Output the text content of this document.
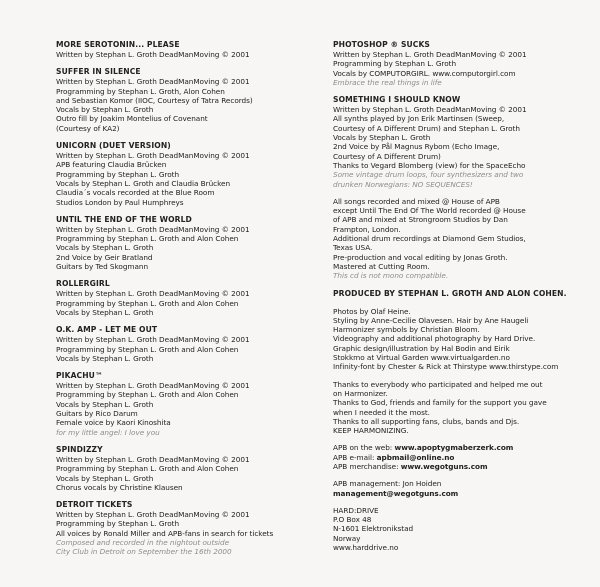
MORE SEROTONIN... PLEASE
Written by Stephan L. Groth DeadManMoving © 2001
SUFFER IN SILENCE
Written by Stephan L. Groth DeadManMoving © 2001
Programming by Stephan L. Groth, Alon Cohen
and Sebastian Komor (IIOC, Courtesy of Tatra Records)
Vocals by Stephan L. Groth
Outro fill by Joakim Montelius of Covenant
(Courtesy of KA2)
UNICORN (DUET VERSION)
Written by Stephan L. Groth DeadManMoving © 2001
APB featuring Claudia Brücken
Programming by Stephan L. Groth
Vocals by Stephan L. Groth and Claudia Brücken
Claudia´s vocals recorded at the Blue Room
Studios London by Paul Humphreys
UNTIL THE END OF THE WORLD
Written by Stephan L. Groth DeadManMoving © 2001
Programming by Stephan L. Groth and Alon Cohen
Vocals by Stephan L. Groth
2nd Voice by Geir Bratland
Guitars by Ted Skogmann
ROLLERGIRL
Written by Stephan L. Groth DeadManMoving © 2001
Programming by Stephan L. Groth and Alon Cohen
Vocals by Stephan L. Groth
O.K. AMP - LET ME OUT
Written by Stephan L. Groth DeadManMoving © 2001
Programming by Stephan L. Groth and Alon Cohen
Vocals by Stephan L. Groth
PIKACHU™
Written by Stephan L. Groth DeadManMoving © 2001
Programming by Stephan L. Groth and Alon Cohen
Vocals by Stephan L. Groth
Guitars by Rico Darum
Female voice by Kaori Kinoshita
for my little angel: I love you
SPINDIZZY
Written by Stephan L. Groth DeadManMoving © 2001
Programming by Stephan L. Groth and Alon Cohen
Vocals by Stephan L. Groth
Chorus vocals by Christine Klausen
DETROIT TICKETS
Written by Stephan L. Groth DeadManMoving © 2001
Programming by Stephan L. Groth
All voices by Ronald Miller and APB-fans in search for tickets
Composed and recorded in the nightout outside
City Club in Detroit on September the 16th 2000
PHOTOSHOP ® SUCKS
Written by Stephan L. Groth DeadManMoving © 2001
Programming by Stephan L. Groth
Vocals by COMPUTORGIRL. www.computorgirl.com
Embrace the real things in life
SOMETHING I SHOULD KNOW
Written by Stephan L. Groth DeadManMoving © 2001
All synths played by Jon Erik Martinsen (Sweep,
Courtesy of A Different Drum) and Stephan L. Groth
Vocals by Stephan L. Groth
2nd Voice by Pål Magnus Rybom (Echo Image,
Courtesy of A Different Drum)
Thanks to Vegard Blomberg (view) for the SpaceEcho
Some vintage drum loops, four synthesizers and two
drunken Norwegians: NO SEQUENCES!
All songs recorded and mixed @ House of APB
except Until The End Of The World recorded @ House
of APB and mixed at Strongroom Studios by Dan
Frampton, London.
Additional drum recordings at Diamond Gem Studios,
Texas USA.
Pre-production and vocal editing by Jonas Groth.
Mastered at Cutting Room.
This cd is not mono compatible.
PRODUCED BY STEPHAN L. GROTH AND ALON COHEN.
Photos by Olaf Heine.
Styling by Anne-Cecilie Olavesen. Hair by Ane Haugeli
Harmonizer symbols by Christian Bloom.
Videography and additional photography by Hard Drive.
Graphic design/illustration by Hal Bodin and Eirik
Stokkmo at Virtual Garden www.virtualgarden.no
Infinity-font by Chester & Rick at Thirstype www.thirstype.com
Thanks to everybody who participated and helped me out
on Harmonizer.
Thanks to God, friends and family for the support you gave
when I needed it the most.
Thanks to all supporting fans, clubs, bands and Djs.
KEEP HARMONIZING.
APB on the web: www.apoptygmaberzerk.com
APB e-mail: apbmail@online.no
APB merchandise: www.wegotguns.com
APB management: Jon Hoiden
management@wegotguns.com
HARD:DRIVE
P.O Box 48
N-1601 Elektronikstad
Norway
www.harddrive.no
